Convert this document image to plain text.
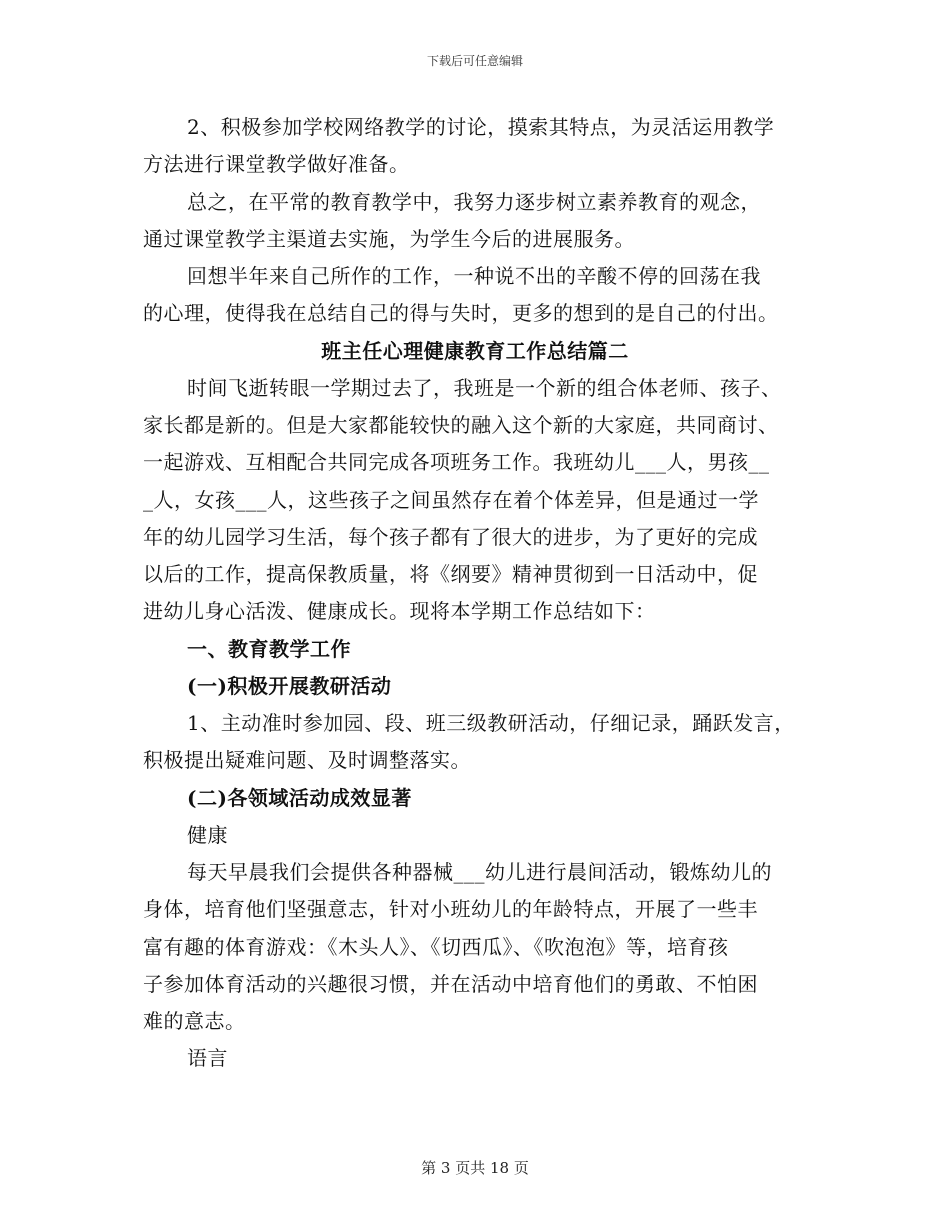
下载后可任意编辑
2、积极参加学校网络教学的讨论，摸索其特点，为灵活运用教学
方法进行课堂教学做好准备。
总之，在平常的教育教学中，我努力逐步树立素养教育的观念，
通过课堂教学主渠道去实施，为学生今后的进展服务。
回想半年来自己所作的工作，一种说不出的辛酸不停的回荡在我
的心理，使得我在总结自己的得与失时，更多的想到的是自己的付出。
班主任心理健康教育工作总结篇二
时间飞逝转眼一学期过去了，我班是一个新的组合体老师、孩子、
家长都是新的。但是大家都能较快的融入这个新的大家庭，共同商讨、
一起游戏、互相配合共同完成各项班务工作。我班幼儿___人，男孩__
_人，女孩___人，这些孩子之间虽然存在着个体差异，但是通过一学
年的幼儿园学习生活，每个孩子都有了很大的进步，为了更好的完成
以后的工作，提高保教质量，将《纲要》精神贯彻到一日活动中，促
进幼儿身心活泼、健康成长。现将本学期工作总结如下：
一、教育教学工作
(一)积极开展教研活动
1、主动准时参加园、段、班三级教研活动，仔细记录，踊跃发言，
积极提出疑难问题、及时调整落实。
(二)各领域活动成效显著
健康
每天早晨我们会提供各种器械___幼儿进行晨间活动，锻炼幼儿的
身体，培育他们坚强意志，针对小班幼儿的年龄特点，开展了一些丰
富有趣的体育游戏：《木头人》、《切西瓜》、《吹泡泡》等，培育孩
子参加体育活动的兴趣很习惯，并在活动中培育他们的勇敢、不怕困
难的意志。
语言
第 3 页共 18 页
